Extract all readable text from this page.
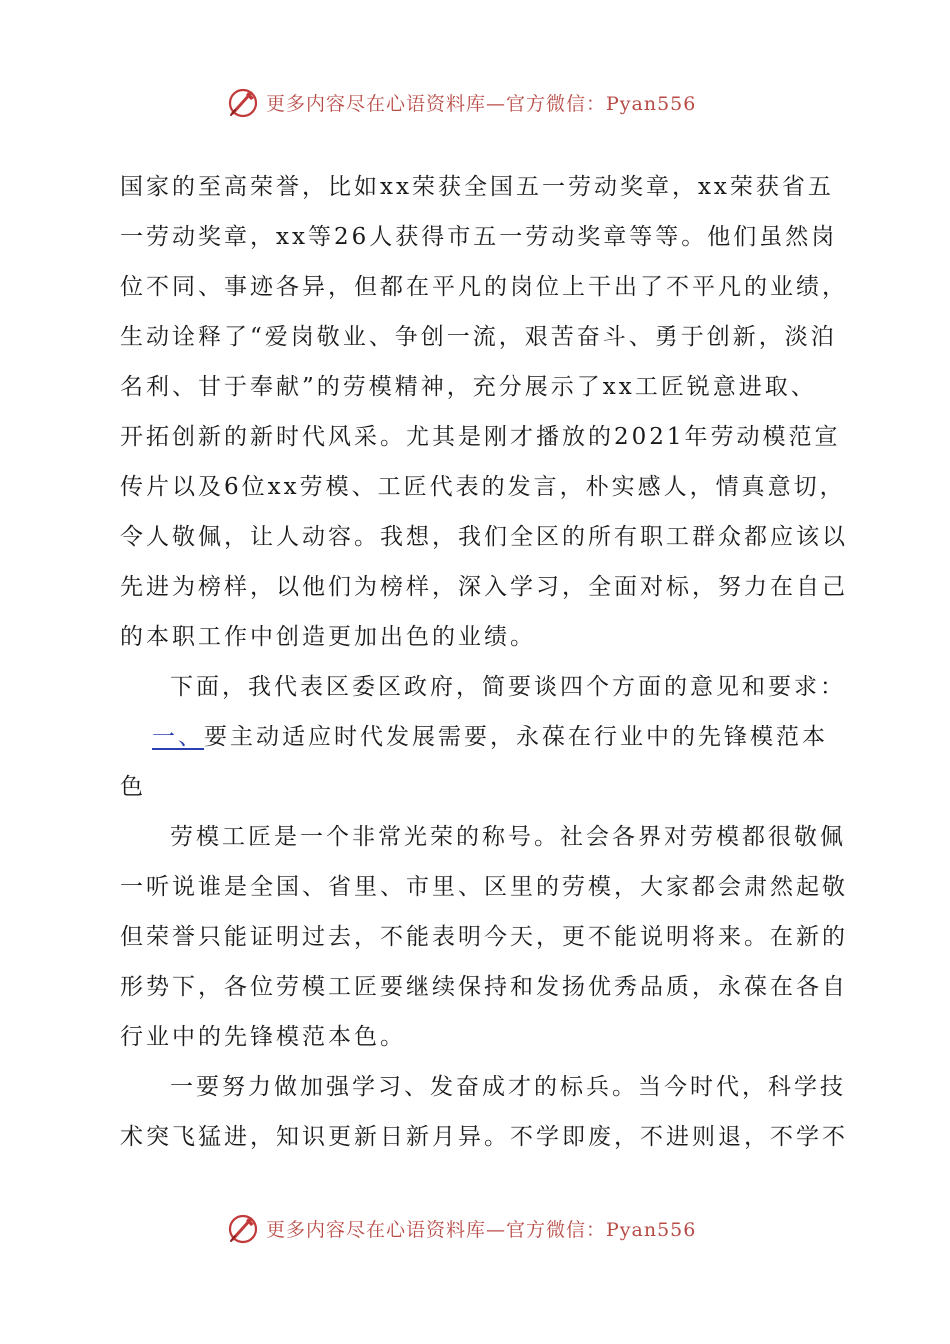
更多内容尽在心语资料库—官方微信：Pyan556
国家的至高荣誉，比如xx荣获全国五一劳动奖章，xx荣获省五
一劳动奖章，xx等26人获得市五一劳动奖章等等。他们虽然岗
位不同、事迹各异，但都在平凡的岗位上干出了不平凡的业绩，
生动诠释了“爱岗敬业、争创一流，艰苦奋斗、勇于创新，淡泊
名利、甘于奉献”的劳模精神，充分展示了xx工匠锐意进取、
开拓创新的新时代风采。尤其是刚才播放的2021年劳动模范宣
传片以及6位xx劳模、工匠代表的发言，朴实感人，情真意切，
令人敬佩，让人动容。我想，我们全区的所有职工群众都应该以
先进为榜样，以他们为榜样，深入学习，全面对标，努力在自己
的本职工作中创造更加出色的业绩。
下面，我代表区委区政府，简要谈四个方面的意见和要求：
一、要主动适应时代发展需要，永葆在行业中的先锋模范本
色
劳模工匠是一个非常光荣的称号。社会各界对劳模都很敬佩
一听说谁是全国、省里、市里、区里的劳模，大家都会肃然起敬
但荣誉只能证明过去，不能表明今天，更不能说明将来。在新的
形势下，各位劳模工匠要继续保持和发扬优秀品质，永葆在各自
行业中的先锋模范本色。
一要努力做加强学习、发奋成才的标兵。当今时代，科学技
术突飞猛进，知识更新日新月异。不学即废，不进则退，不学不
更多内容尽在心语资料库—官方微信：Pyan556
